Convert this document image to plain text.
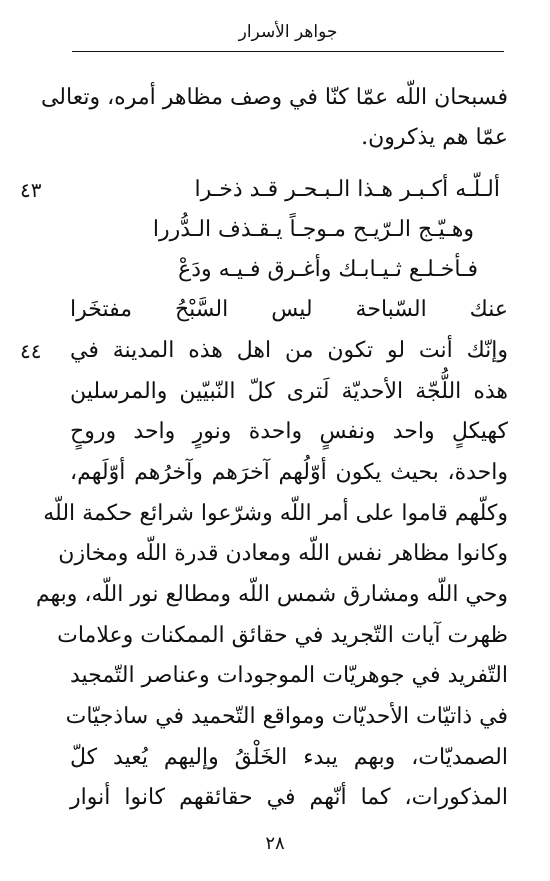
جواهر الأسرار
٤٣
٤٤
فسبحان اللّه عمّا كنّا في وصف مظاهر أمره، وتعالى
عمّا هم يذكرون.
ألـلّـه أكـبـر هـذا الـبـحـر قـد ذخـرا
وهـيّـج الـرّيـح مـوجـاً يـقـذف الـدُّررا
فـأخـلـع ثـيـابـك وأغـرق فـيـه ودَعْ
عنك السّباحة ليس السَّبْحُ مفتخَرا
وإنّك أنت لو تكون من اهل هذه المدينة في
هذه اللُّجّة الأحديّة لَترى كلّ النّبيّين والمرسلين
كهيكلٍ واحد ونفسٍ واحدة ونورٍ واحد وروحٍ
واحدة، بحيث يكون أوّلُهم آخرَهم وآخرُهم أوّلَهم،
وكلّهم قاموا على أمر اللّه وشرّعوا شرائع حكمة اللّه
وكانوا مظاهر نفس اللّه ومعادن قدرة اللّه ومخازن
وحي اللّه ومشارق شمس اللّه ومطالع نور اللّه، وبهم
ظهرت آيات التّجريد في حقائق الممكنات وعلامات
التّفريد في جوهريّات الموجودات وعناصر التّمجيد
في ذاتيّات الأحديّات ومواقع التّحميد في ساذجيّات
الصمديّات، وبهم يبدء الخَلْقُ وإليهم يُعيد كلّ
المذكورات، كما أنّهم في حقائقهم كانوا أنوار
٢٨
